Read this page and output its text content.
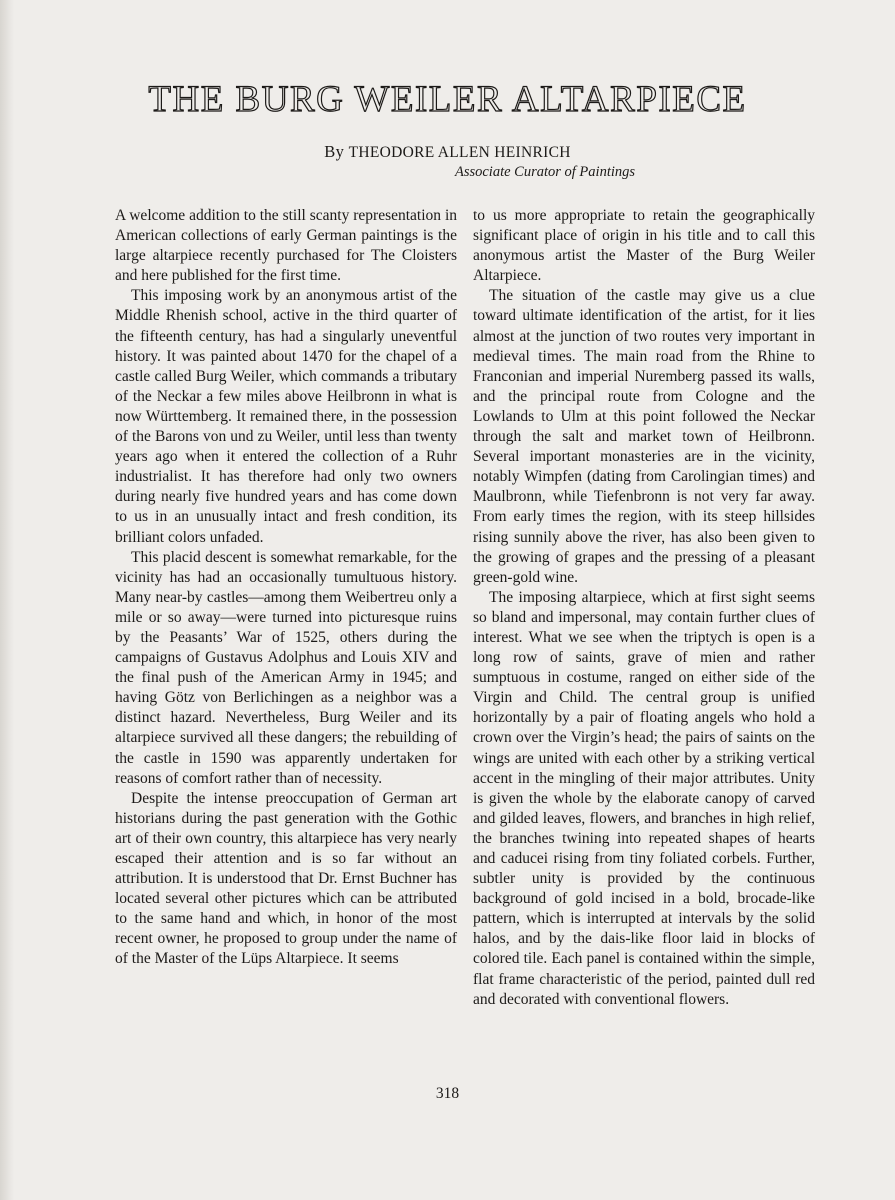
THE BURG WEILER ALTARPIECE

By THEODORE ALLEN HEINRICH

Associate Curator of Paintings

A welcome addition to the still scanty representation in American collections of early German paintings is the large altarpiece recently purchased for The Cloisters and here published for the first time.

This imposing work by an anonymous artist of the Middle Rhenish school, active in the third quarter of the fifteenth century, has had a singularly uneventful history. It was painted about 1470 for the chapel of a castle called Burg Weiler, which commands a tributary of the Neckar a few miles above Heilbronn in what is now Württemberg. It remained there, in the possession of the Barons von und zu Weiler, until less than twenty years ago when it entered the collection of a Ruhr industrialist. It has therefore had only two owners during nearly five hundred years and has come down to us in an unusually intact and fresh condition, its brilliant colors unfaded.

This placid descent is somewhat remarkable, for the vicinity has had an occasionally tumultuous history. Many near-by castles—among them Weibertreu only a mile or so away—were turned into picturesque ruins by the Peasants’ War of 1525, others during the campaigns of Gustavus Adolphus and Louis XIV and the final push of the American Army in 1945; and having Götz von Berlichingen as a neighbor was a distinct hazard. Nevertheless, Burg Weiler and its altarpiece survived all these dangers; the rebuilding of the castle in 1590 was apparently undertaken for reasons of comfort rather than of necessity.

Despite the intense preoccupation of German art historians during the past generation with the Gothic art of their own country, this altarpiece has very nearly escaped their attention and is so far without an attribution. It is understood that Dr. Ernst Buchner has located several other pictures which can be attributed to the same hand and which, in honor of the most recent owner, he proposed to group under the name of of the Master of the Lüps Altarpiece. It seems

to us more appropriate to retain the geographically significant place of origin in his title and to call this anonymous artist the Master of the Burg Weiler Altarpiece.

The situation of the castle may give us a clue toward ultimate identification of the artist, for it lies almost at the junction of two routes very important in medieval times. The main road from the Rhine to Franconian and imperial Nuremberg passed its walls, and the principal route from Cologne and the Lowlands to Ulm at this point followed the Neckar through the salt and market town of Heilbronn. Several important monasteries are in the vicinity, notably Wimpfen (dating from Carolingian times) and Maulbronn, while Tiefenbronn is not very far away. From early times the region, with its steep hillsides rising sunnily above the river, has also been given to the growing of grapes and the pressing of a pleasant green-gold wine.

The imposing altarpiece, which at first sight seems so bland and impersonal, may contain further clues of interest. What we see when the triptych is open is a long row of saints, grave of mien and rather sumptuous in costume, ranged on either side of the Virgin and Child. The central group is unified horizontally by a pair of floating angels who hold a crown over the Virgin’s head; the pairs of saints on the wings are united with each other by a striking vertical accent in the mingling of their major attributes. Unity is given the whole by the elaborate canopy of carved and gilded leaves, flowers, and branches in high relief, the branches twining into repeated shapes of hearts and caducei rising from tiny foliated corbels. Further, subtler unity is provided by the continuous background of gold incised in a bold, brocade-like pattern, which is interrupted at intervals by the solid halos, and by the dais-like floor laid in blocks of colored tile. Each panel is contained within the simple, flat frame characteristic of the period, painted dull red and decorated with conventional flowers.

318
